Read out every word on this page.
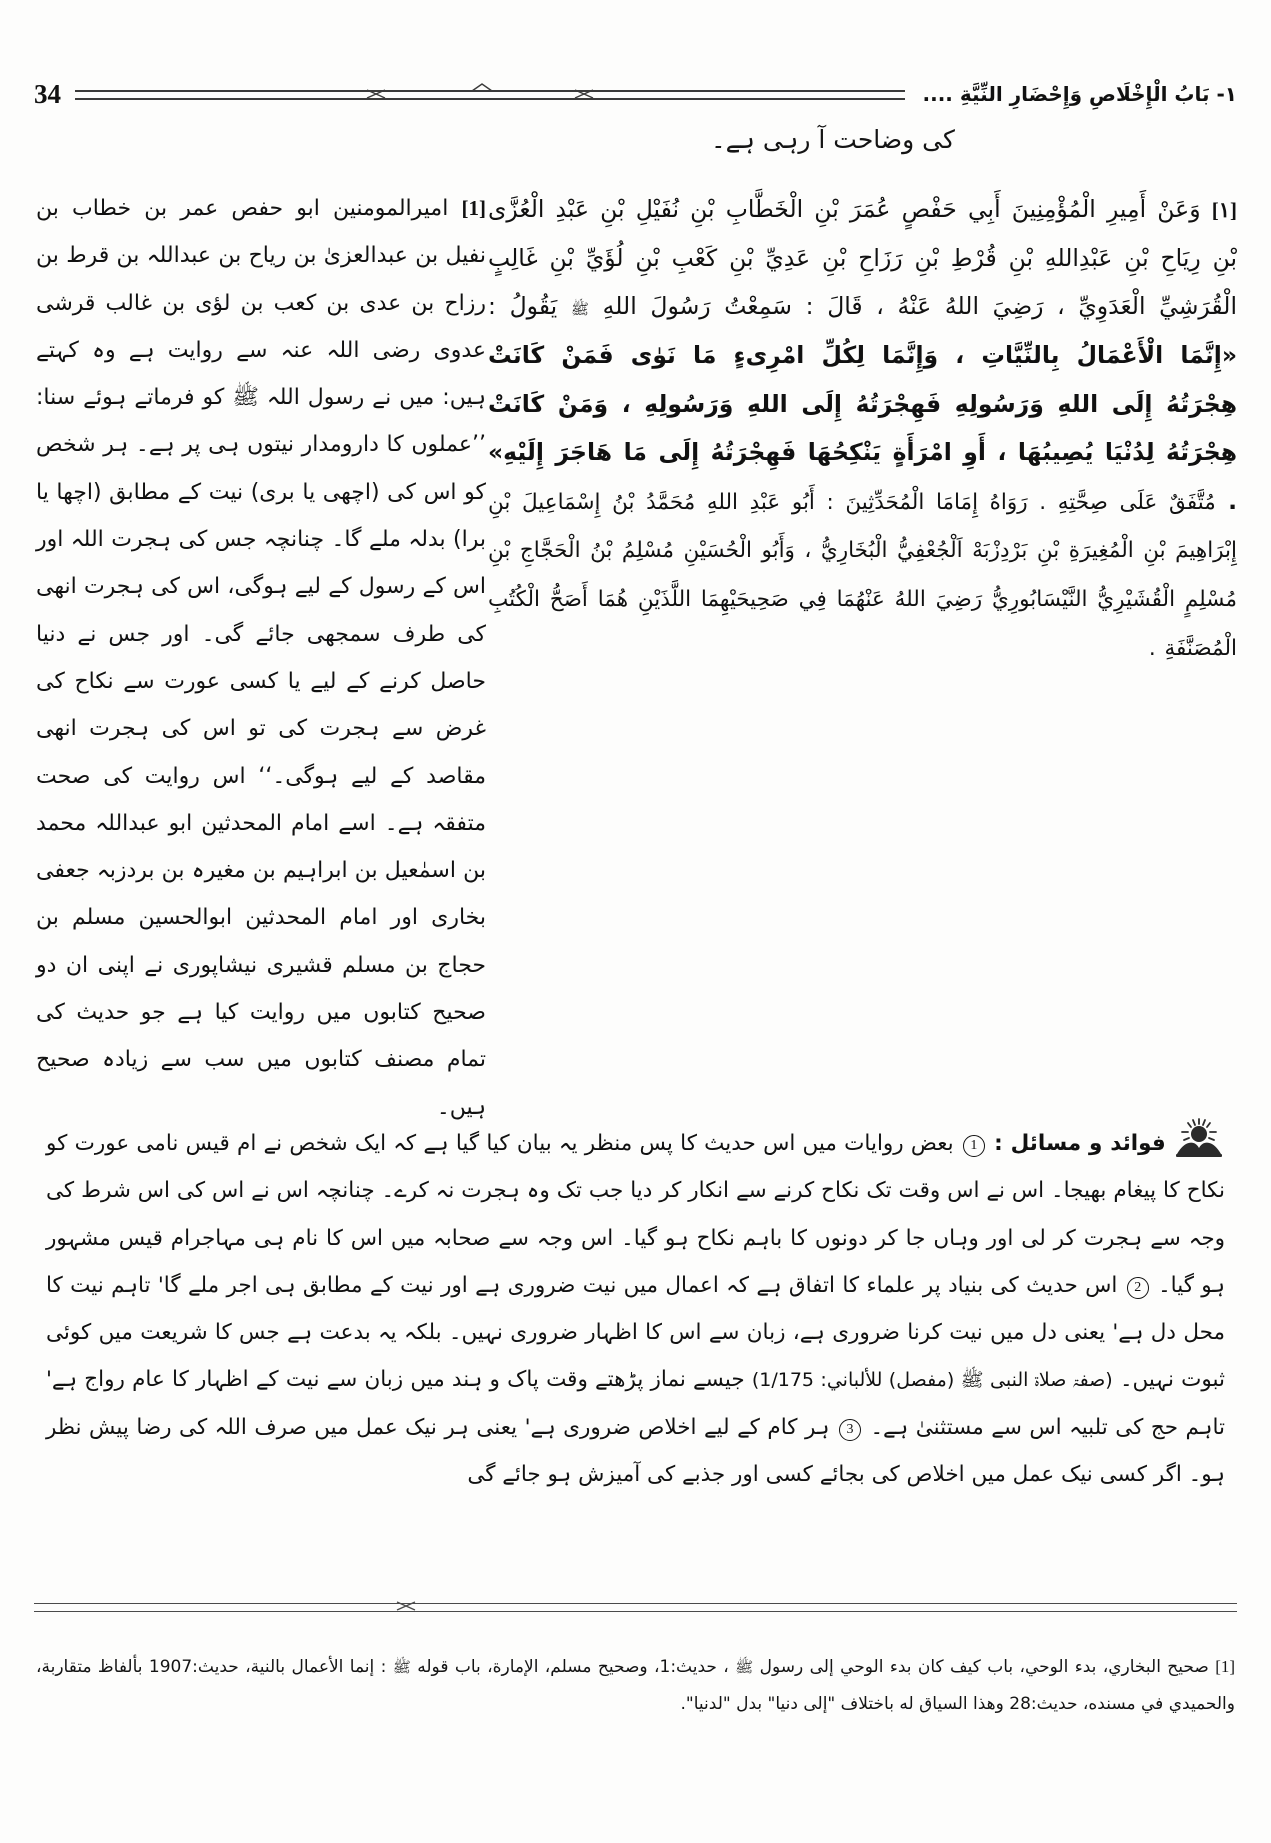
١- بَابُ الْإِخْلَاصِ وَإِحْضَارِ النِّيَّةِ ....
34
کی وضاحت آ رہی ہے۔
[1] امیرالمومنین ابو حفص عمر بن خطاب بن نفیل بن عبدالعزیٰ بن ریاح بن عبداللہ بن قرط بن رزاح بن عدی بن کعب بن لؤی بن غالب قرشی عدوی رضی اللہ عنہ سے روایت ہے وہ کہتے ہیں: میں نے رسول اللہ ﷺ کو فرماتے ہوئے سنا: ’’عملوں کا دارومدار نیتوں ہی پر ہے۔ ہر شخص کو اس کی (اچھی یا بری) نیت کے مطابق (اچھا یا برا) بدلہ ملے گا۔ چنانچہ جس کی ہجرت اللہ اور اس کے رسول کے لیے ہوگی، اس کی ہجرت انھی کی طرف سمجھی جائے گی۔ اور جس نے دنیا حاصل کرنے کے لیے یا کسی عورت سے نکاح کی غرض سے ہجرت کی تو اس کی ہجرت انھی مقاصد کے لیے ہوگی۔‘‘ اس روایت کی صحت متفقہ ہے۔ اسے امام المحدثین ابو عبداللہ محمد بن اسمٰعیل بن ابراہیم بن مغیرہ بن بردزبہ جعفی بخاری اور امام المحدثین ابوالحسین مسلم بن حجاج بن مسلم قشیری نیشاپوری نے اپنی ان دو صحیح کتابوں میں روایت کیا ہے جو حدیث کی تمام مصنف کتابوں میں سب سے زیادہ صحیح ہیں۔
[١] وَعَنْ أَمِيرِ الْمُؤْمِنِينَ أَبِي حَفْصٍ عُمَرَ بْنِ الْخَطَّابِ بْنِ نُفَيْلِ بْنِ عَبْدِ الْعُزَّى بْنِ رِيَاحِ بْنِ عَبْدِاللهِ بْنِ قُرْطِ بْنِ رَزَاحِ بْنِ عَدِيِّ بْنِ كَعْبِ بْنِ لُؤَيِّ بْنِ غَالِبٍ الْقُرَشِيِّ الْعَدَوِيِّ ، رَضِيَ اللهُ عَنْهُ ، قَالَ : سَمِعْتُ رَسُولَ اللهِ ﷺ يَقُولُ : «إِنَّمَا الْأَعْمَالُ بِالنِّيَّاتِ ، وَإِنَّمَا لِكُلِّ امْرِىءٍ مَا نَوٰى فَمَنْ كَانَتْ هِجْرَتُهُ إِلَى اللهِ وَرَسُولِهِ فَهِجْرَتُهُ إِلَى اللهِ وَرَسُولِهِ ، وَمَنْ كَانَتْ هِجْرَتُهُ لِدُنْيَا يُصِيبُهَا ، أَوِ امْرَأَةٍ يَنْكِحُهَا فَهِجْرَتُهُ إِلَى مَا هَاجَرَ إِلَيْهِ» . مُتَّفَقٌ عَلَى صِحَّتِهِ . رَوَاهُ إِمَامَا الْمُحَدِّثِينَ : أَبُو عَبْدِ اللهِ مُحَمَّدُ بْنُ إِسْمَاعِيلَ بْنِ إِبْرَاهِيمَ بْنِ الْمُغِيرَةِ بْنِ بَرْدِزْبَهْ اَلْجُعْفِيُّ الْبُخَارِيُّ ، وَأَبُو الْحُسَيْنِ مُسْلِمُ بْنُ الْحَجَّاجِ بْنِ مُسْلِمٍ الْقُشَيْرِيُّ النَّيْسَابُورِيُّ رَضِيَ اللهُ عَنْهُمَا فِي صَحِيحَيْهِمَا اللَّذَيْنِ هُمَا أَصَحُّ الْكُتُبِ الْمُصَنَّفَةِ .
فوائد و مسائل : 1 بعض روایات میں اس حدیث کا پس منظر یہ بیان کیا گیا ہے کہ ایک شخص نے ام قیس نامی عورت کو نکاح کا پیغام بھیجا۔ اس نے اس وقت تک نکاح کرنے سے انکار کر دیا جب تک وہ ہجرت نہ کرے۔ چنانچہ اس نے اس کی اس شرط کی وجہ سے ہجرت کر لی اور وہاں جا کر دونوں کا باہم نکاح ہو گیا۔ اس وجہ سے صحابہ میں اس کا نام ہی مہاجرام قیس مشہور ہو گیا۔ 2 اس حدیث کی بنیاد پر علماء کا اتفاق ہے کہ اعمال میں نیت ضروری ہے اور نیت کے مطابق ہی اجر ملے گا' تاہم نیت کا محل دل ہے' یعنی دل میں نیت کرنا ضروری ہے، زبان سے اس کا اظہار ضروری نہیں۔ بلکہ یہ بدعت ہے جس کا شریعت میں کوئی ثبوت نہیں۔ (صفۃ صلاۃ النبی ﷺ (مفصل) للألباني: 1/175) جیسے نماز پڑھتے وقت پاک و ہند میں زبان سے نیت کے اظہار کا عام رواج ہے' تاہم حج کی تلبیہ اس سے مستثنیٰ ہے۔ 3 ہر کام کے لیے اخلاص ضروری ہے' یعنی ہر نیک عمل میں صرف اللہ کی رضا پیش نظر ہو۔ اگر کسی نیک عمل میں اخلاص کی بجائے کسی اور جذبے کی آمیزش ہو جائے گی
[1] صحیح البخاري، بدء الوحي، باب كيف كان بدء الوحي إلى رسول ﷺ ، حدیث:1، وصحیح مسلم، الإمارة، باب قوله ﷺ : إنما الأعمال بالنية، حدیث:1907 بألفاظ متقاربة، والحمیدي في مسنده، حدیث:28 وهذا السياق له باختلاف "إلى دنيا" بدل "لدنيا".
